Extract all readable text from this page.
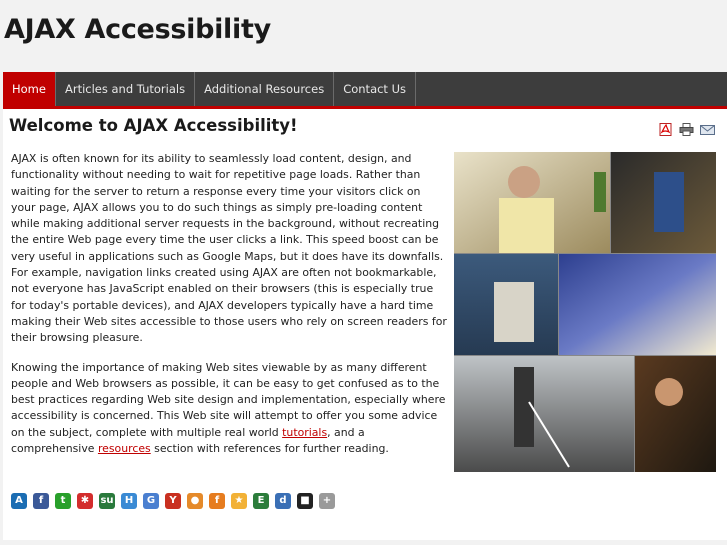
AJAX Accessibility
Home	Articles and Tutorials	Additional Resources	Contact Us
Welcome to AJAX Accessibility!

AJAX is often known for its ability to seamlessly load content, design, and functionality without needing to wait for repetitive page loads. Rather than waiting for the server to return a response every time your visitors click on your page, AJAX allows you to do such things as simply pre-loading content while making additional server requests in the background, without recreating the entire Web page every time the user clicks a link. This speed boost can be very useful in applications such as Google Maps, but it does have its downfalls. For example, navigation links created using AJAX are often not bookmarkable, not everyone has JavaScript enabled on their browsers (this is especially true for today's portable devices), and AJAX developers typically have a hard time making their Web sites accessible to those users who rely on screen readers for their browsing pleasure.

Knowing the importance of making Web sites viewable by as many different people and Web browsers as possible, it can be easy to get confused as to the best practices regarding Web site design and implementation, especially where accessibility is concerned. This Web site will attempt to offer you some advice on the subject, complete with multiple real world tutorials, and a comprehensive resources section with references for further reading.

A	f	t	✱	su	H	G	Y	●	f	★	E	d	■	+
